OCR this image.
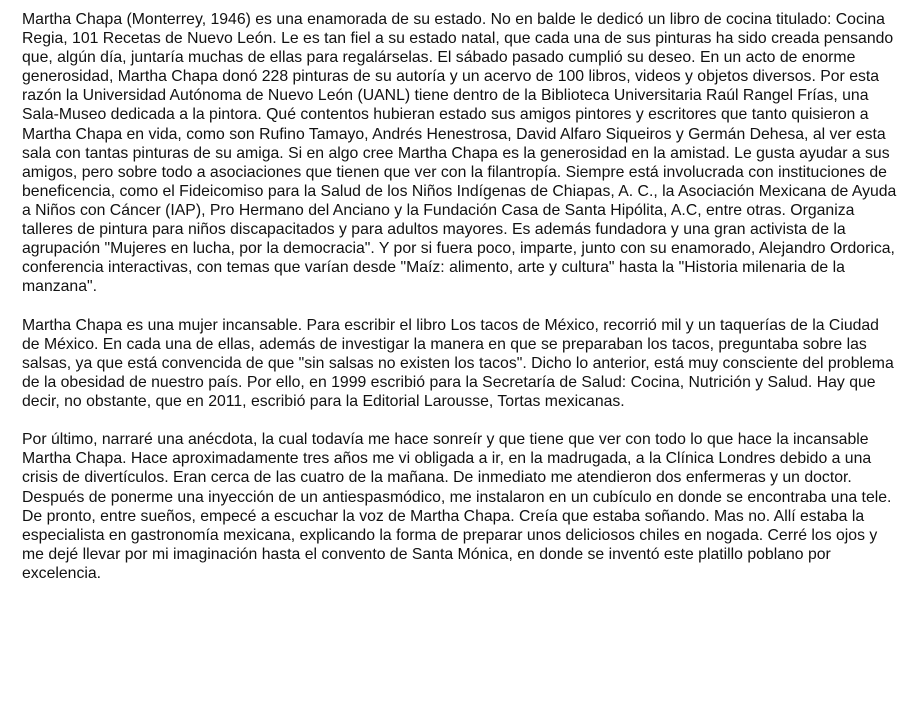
Martha Chapa (Monterrey, 1946) es una enamorada de su estado. No en balde le dedicó un libro de cocina titulado: Cocina Regia, 101 Recetas de Nuevo León. Le es tan fiel a su estado natal, que cada una de sus pinturas ha sido creada pensando que, algún día, juntaría muchas de ellas para regalárselas. El sábado pasado cumplió su deseo. En un acto de enorme generosidad, Martha Chapa donó 228 pinturas de su autoría y un acervo de 100 libros, videos y objetos diversos. Por esta razón la Universidad Autónoma de Nuevo León (UANL) tiene dentro de la Biblioteca Universitaria Raúl Rangel Frías, una Sala-Museo dedicada a la pintora. Qué contentos hubieran estado sus amigos pintores y escritores que tanto quisieron a Martha Chapa en vida, como son Rufino Tamayo, Andrés Henestrosa, David Alfaro Siqueiros y Germán Dehesa, al ver esta sala con tantas pinturas de su amiga. Si en algo cree Martha Chapa es la generosidad en la amistad. Le gusta ayudar a sus amigos, pero sobre todo a asociaciones que tienen que ver con la filantropía. Siempre está involucrada con instituciones de beneficencia, como el Fideicomiso para la Salud de los Niños Indígenas de Chiapas, A. C., la Asociación Mexicana de Ayuda a Niños con Cáncer (IAP), Pro Hermano del Anciano y la Fundación Casa de Santa Hipólita, A.C, entre otras. Organiza talleres de pintura para niños discapacitados y para adultos mayores. Es además fundadora y una gran activista de la agrupación "Mujeres en lucha, por la democracia". Y por si fuera poco, imparte, junto con su enamorado, Alejandro Ordorica, conferencia interactivas, con temas que varían desde "Maíz: alimento, arte y cultura" hasta la "Historia milenaria de la manzana".

Martha Chapa es una mujer incansable. Para escribir el libro Los tacos de México, recorrió mil y un taquerías de la Ciudad de México. En cada una de ellas, además de investigar la manera en que se preparaban los tacos, preguntaba sobre las salsas, ya que está convencida de que "sin salsas no existen los tacos". Dicho lo anterior, está muy consciente del problema de la obesidad de nuestro país. Por ello, en 1999 escribió para la Secretaría de Salud: Cocina, Nutrición y Salud. Hay que decir, no obstante, que en 2011, escribió para la Editorial Larousse, Tortas mexicanas.

Por último, narraré una anécdota, la cual todavía me hace sonreír y que tiene que ver con todo lo que hace la incansable Martha Chapa. Hace aproximadamente tres años me vi obligada a ir, en la madrugada, a la Clínica Londres debido a una crisis de divertículos. Eran cerca de las cuatro de la mañana. De inmediato me atendieron dos enfermeras y un doctor. Después de ponerme una inyección de un antiespasmódico, me instalaron en un cubículo en donde se encontraba una tele. De pronto, entre sueños, empecé a escuchar la voz de Martha Chapa. Creía que estaba soñando. Mas no. Allí estaba la especialista en gastronomía mexicana, explicando la forma de preparar unos deliciosos chiles en nogada. Cerré los ojos y me dejé llevar por mi imaginación hasta el convento de Santa Mónica, en donde se inventó este platillo poblano por excelencia.
